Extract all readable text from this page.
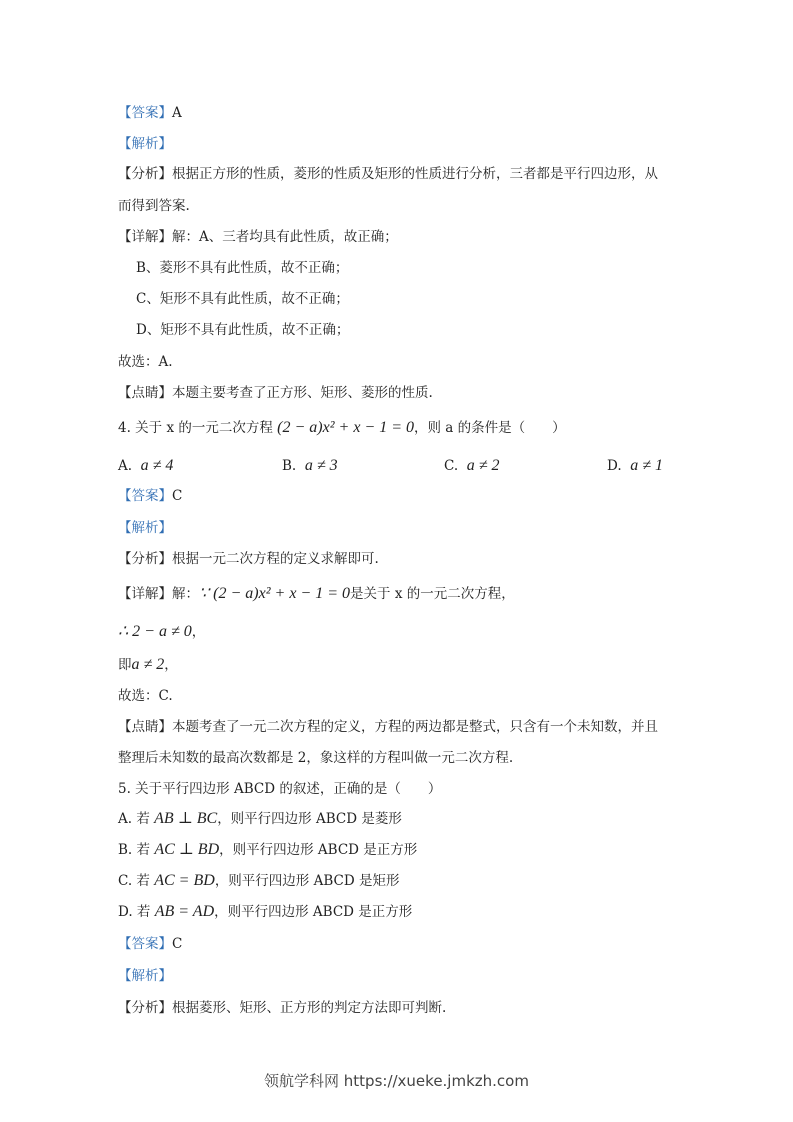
【答案】A
【解析】
【分析】根据正方形的性质，菱形的性质及矩形的性质进行分析，三者都是平行四边形，从
而得到答案.
【详解】解：A、三者均具有此性质，故正确；
B、菱形不具有此性质，故不正确；
C、矩形不具有此性质，故不正确；
D、矩形不具有此性质，故不正确；
故选：A.
【点睛】本题主要考查了正方形、矩形、菱形的性质.
4. 关于 x 的一元二次方程 (2 − a)x² + x − 1 = 0，则 a 的条件是（　　）
A. a ≠ 4	B. a ≠ 3	C. a ≠ 2	D. a ≠ 1
【答案】C
【解析】
【分析】根据一元二次方程的定义求解即可.
【详解】解：∵ (2 − a)x² + x − 1 = 0是关于 x 的一元二次方程，
∴ 2 − a ≠ 0，
即a ≠ 2，
故选：C.
【点睛】本题考查了一元二次方程的定义，方程的两边都是整式，只含有一个未知数，并且
整理后未知数的最高次数都是 2，象这样的方程叫做一元二次方程.
5. 关于平行四边形 ABCD 的叙述，正确的是（　　）
A. 若 AB ⊥ BC，则平行四边形 ABCD 是菱形
B. 若 AC ⊥ BD，则平行四边形 ABCD 是正方形
C. 若 AC = BD，则平行四边形 ABCD 是矩形
D. 若 AB = AD，则平行四边形 ABCD 是正方形
【答案】C
【解析】
【分析】根据菱形、矩形、正方形的判定方法即可判断.
领航学科网 https://xueke.jmkzh.com
